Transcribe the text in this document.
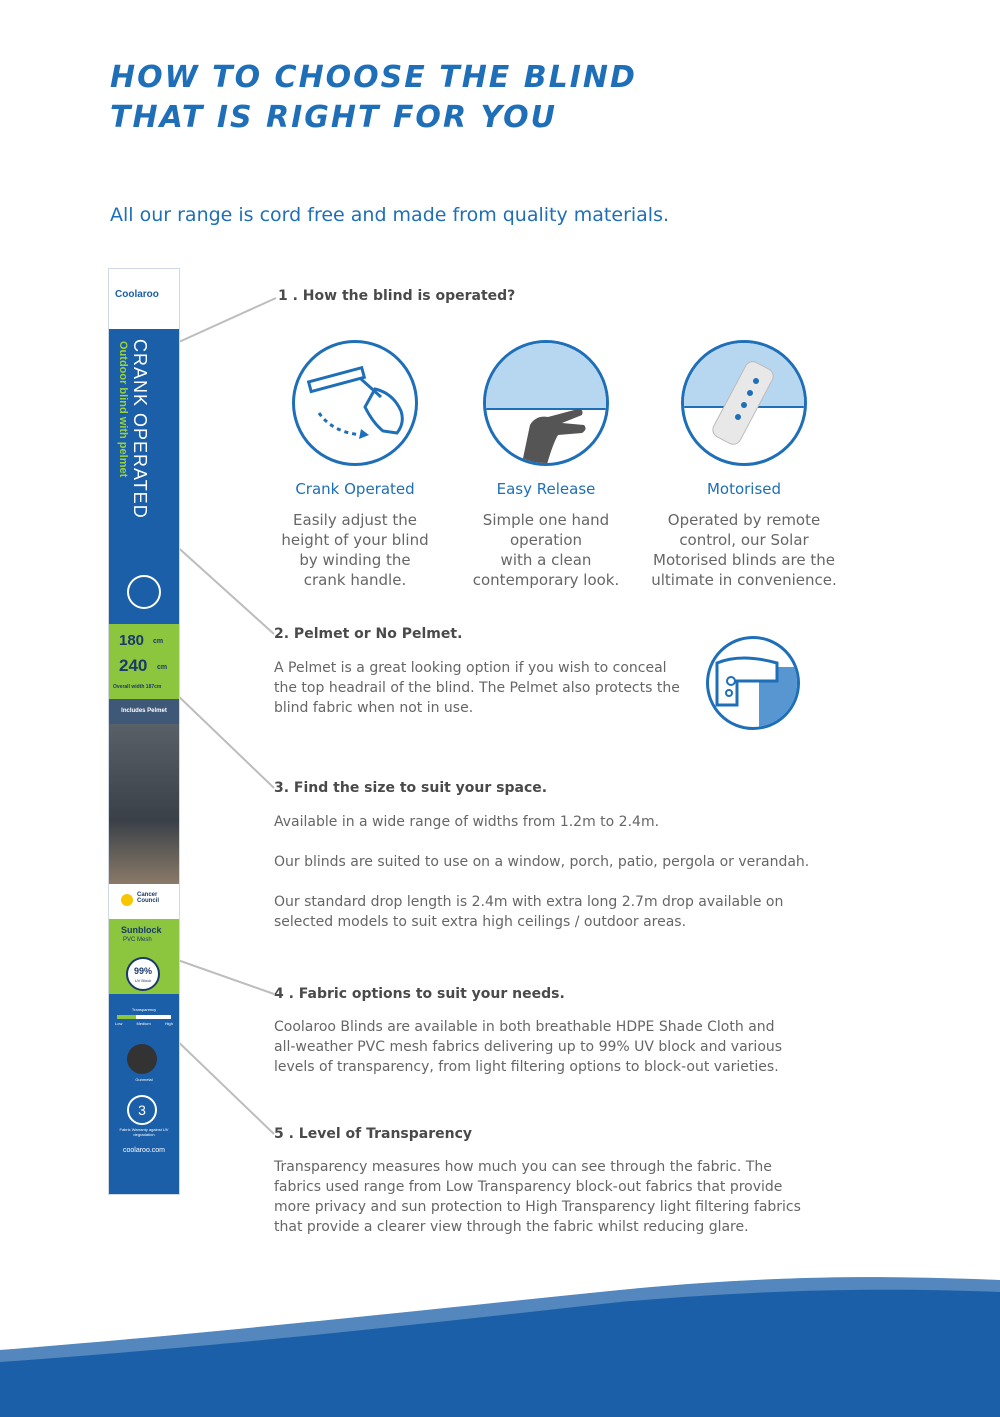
HOW TO CHOOSE THE BLIND
THAT IS RIGHT FOR YOU
All our range is cord free and made from quality materials.
Coolaroo
CRANK OPERATED
Outdoor blind with pelmet
180 cm
240 cm
Overall width 187cm
Includes Pelmet
Cancer Council
Sunblock
PVC Mesh
99%
UV Block
Transparency
Low	Medium	High
Gunmetal
3
Fabric Warranty against UV degradation
coolaroo.com
1 . How the blind is operated?
Crank Operated
Easily adjust the
height of your blind
by winding the
crank handle.
Easy Release
Simple one hand
operation
with a clean
contemporary look.
Motorised
Operated by remote
control, our Solar
Motorised blinds are the
ultimate in convenience.
2. Pelmet or No Pelmet.
A Pelmet is a great looking option if you wish to conceal
the top headrail of the blind. The Pelmet also protects the
blind fabric when not in use.
3. Find the size to suit your space.

Available in a wide range of widths from 1.2m to 2.4m.

Our blinds are suited to use on a window, porch, patio, pergola or verandah.

Our standard drop length is 2.4m with extra long 2.7m drop available on
selected models to suit extra high ceilings / outdoor areas.

4 . Fabric options to suit your needs.
Coolaroo Blinds are available in both breathable HDPE Shade Cloth and
all-weather PVC mesh fabrics delivering up to 99% UV block and various
levels of transparency, from light filtering options to block-out varieties.
5 . Level of Transparency
Transparency measures how much you can see through the fabric. The
fabrics used range from Low Transparency block-out fabrics that provide
more privacy and sun protection to High Transparency light filtering fabrics
that provide a clearer view through the fabric whilst reducing glare.
